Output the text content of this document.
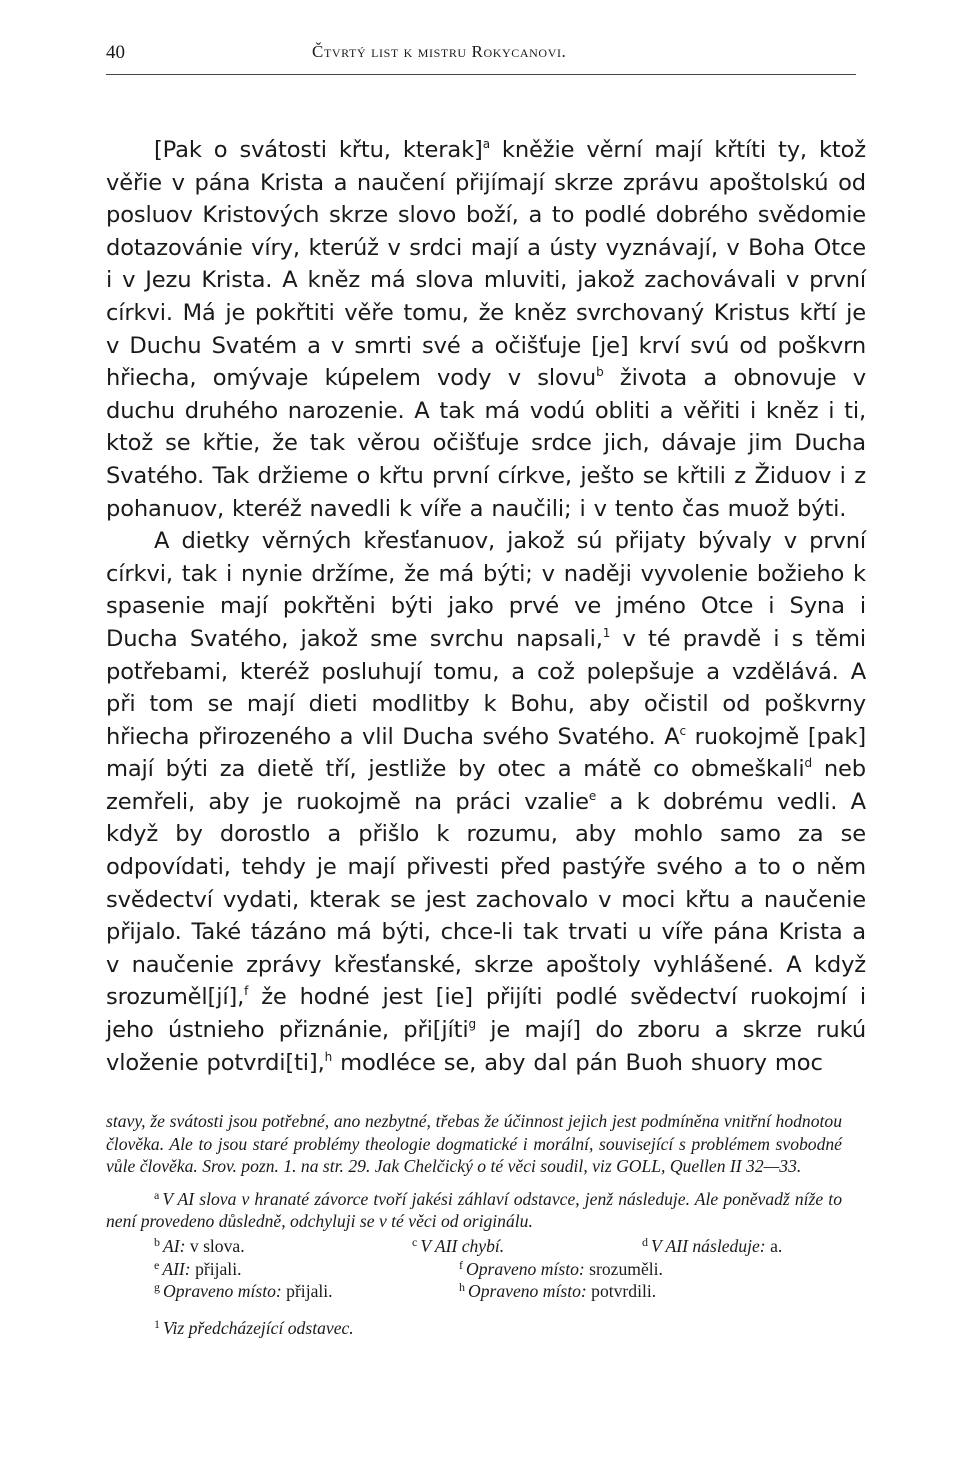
40	Čtvrtý list k mistru Rokycanovi.

[Pak o svátosti křtu, kterak]$^a$ kněžie věrní mají křtíti ty, ktož věřie v pána Krista a naučení přijímají skrze zprávu apoštolskú od posluov Kristových skrze slovo boží, a to podlé dobrého svědomie dotazovánie víry, kterúž v srdci mají a ústy vyznávají, v Boha Otce i v Jezu Krista. A kněz má slova mluviti, jakož zachovávali v první církvi. Má je pokřtiti věře tomu, že kněz svrchovaný Kristus křtí je v Duchu Svatém a v smrti své a očišťuje [je] krví svú od poškvrn hřiecha, omývaje kúpelem vody v slovu$^b$ života a obnovuje v duchu druhého narozenie. A tak má vodú obliti a věřiti i kněz i ti, ktož se křtie, že tak věrou očišťuje srdce jich, dávaje jim Ducha Svatého. Tak držieme o křtu první církve, ješto se křtili z Židuov i z pohanuov, kteréž navedli k víře a naučili; i v tento čas muož býti.

A dietky věrných křesťanuov, jakož sú přijaty bývaly v první církvi, tak i nynie držíme, že má býti; v naději vyvolenie božieho k spasenie mají pokřtěni býti jako prvé ve jméno Otce i Syna i Ducha Svatého, jakož sme svrchu napsali,$^1$ v té pravdě i s těmi potřebami, kteréž posluhují tomu, a což polepšuje a vzdělává. A při tom se mají dieti modlitby k Bohu, aby očistil od poškvrny hřiecha přirozeného a vlil Ducha svého Svatého. $A^c$ ruokojmě [pak] mají býti za dietě tří, jestliže by otec a mátě co obmeškali$^d$ neb zemřeli, aby je ruokojmě na práci vzalie$^e$ a k dobrému vedli. A když by dorostlo a přišlo k rozumu, aby mohlo samo za se odpovídati, tehdy je mají přivesti před pastýře svého a to o něm svědectví vydati, kterak se jest zachovalo v moci křtu a naučenie přijalo. Také tázáno má býti, chce-li tak trvati u víře pána Krista a v naučenie zprávy křesťanské, skrze apoštoly vyhlášené. A když srozuměl[jí],$^f$ že hodné jest [ie] přijíti podlé svědectví ruokojmí i jeho ústnieho přiznánie, při[jíti$^g$ je mají] do zboru a skrze rukú vloženie potvrdi[ti],$^h$ modléce se, aby dal pán Buoh shuory moc

stavy, že svátosti jsou potřebné, ano nezbytné, třebas že účinnost jejich jest podmíněna vnitřní hodnotou člověka. Ale to jsou staré problémy theologie dogmatické i morální, související s problémem svobodné vůle člověka. Srov. pozn. 1. na str. 29. Jak Chelčický o té věci soudil, viz GOLL, Quellen II 32—33.

$^a$ V AI slova v hranaté závorce tvoří jakési záhlaví odstavce, jenž následuje. Ale poněvadž níže to není provedeno důsledně, odchyluji se v té věci od originálu.

$^b$ AI: v slova.	$^c$ V AII chybí.	$^d$ V AII následuje: a.
$^e$ AII: přijali.	$^f$ Opraveno místo: srozuměli.
$^g$ Opraveno místo: přijali.	$^h$ Opraveno místo: potvrdili.

$^1$ Viz předcházející odstavec.
